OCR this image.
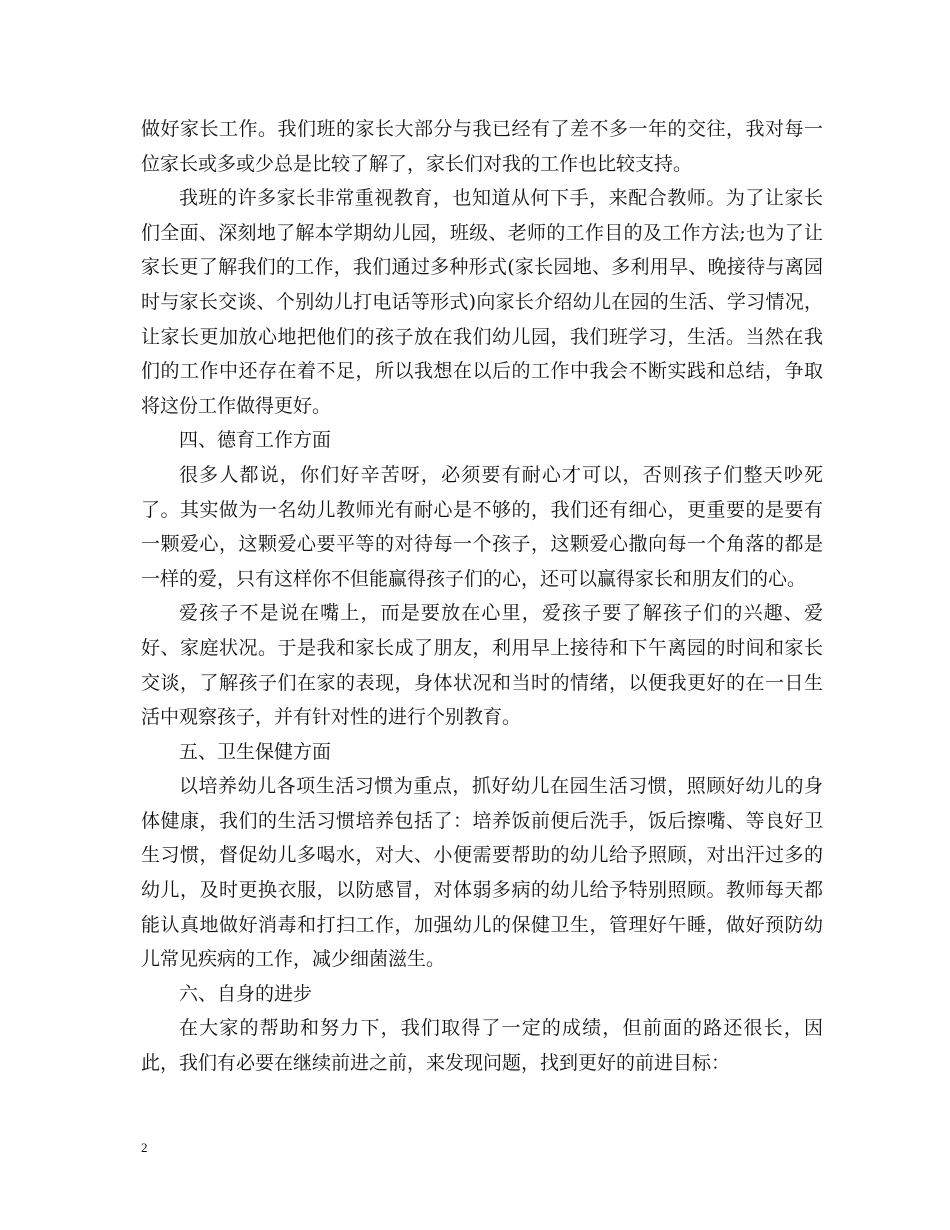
做好家长工作。我们班的家长大部分与我已经有了差不多一年的交往，我对每一位家长或多或少总是比较了解了，家长们对我的工作也比较支持。

我班的许多家长非常重视教育，也知道从何下手，来配合教师。为了让家长们全面、深刻地了解本学期幼儿园，班级、老师的工作目的及工作方法;也为了让家长更了解我们的工作，我们通过多种形式(家长园地、多利用早、晚接待与离园时与家长交谈、个别幼儿打电话等形式)向家长介绍幼儿在园的生活、学习情况，让家长更加放心地把他们的孩子放在我们幼儿园，我们班学习，生活。当然在我们的工作中还存在着不足，所以我想在以后的工作中我会不断实践和总结，争取将这份工作做得更好。

四、德育工作方面

很多人都说，你们好辛苦呀，必须要有耐心才可以，否则孩子们整天吵死了。其实做为一名幼儿教师光有耐心是不够的，我们还有细心，更重要的是要有一颗爱心，这颗爱心要平等的对待每一个孩子，这颗爱心撒向每一个角落的都是一样的爱，只有这样你不但能赢得孩子们的心，还可以赢得家长和朋友们的心。

爱孩子不是说在嘴上，而是要放在心里，爱孩子要了解孩子们的兴趣、爱好、家庭状况。于是我和家长成了朋友，利用早上接待和下午离园的时间和家长交谈，了解孩子们在家的表现，身体状况和当时的情绪，以便我更好的在一日生活中观察孩子，并有针对性的进行个别教育。

五、卫生保健方面

以培养幼儿各项生活习惯为重点，抓好幼儿在园生活习惯，照顾好幼儿的身体健康，我们的生活习惯培养包括了：培养饭前便后洗手，饭后擦嘴、等良好卫生习惯，督促幼儿多喝水，对大、小便需要帮助的幼儿给予照顾，对出汗过多的幼儿，及时更换衣服，以防感冒，对体弱多病的幼儿给予特别照顾。教师每天都能认真地做好消毒和打扫工作，加强幼儿的保健卫生，管理好午睡，做好预防幼儿常见疾病的工作，减少细菌滋生。

六、自身的进步

在大家的帮助和努力下，我们取得了一定的成绩，但前面的路还很长，因此，我们有必要在继续前进之前，来发现问题，找到更好的前进目标：

2
